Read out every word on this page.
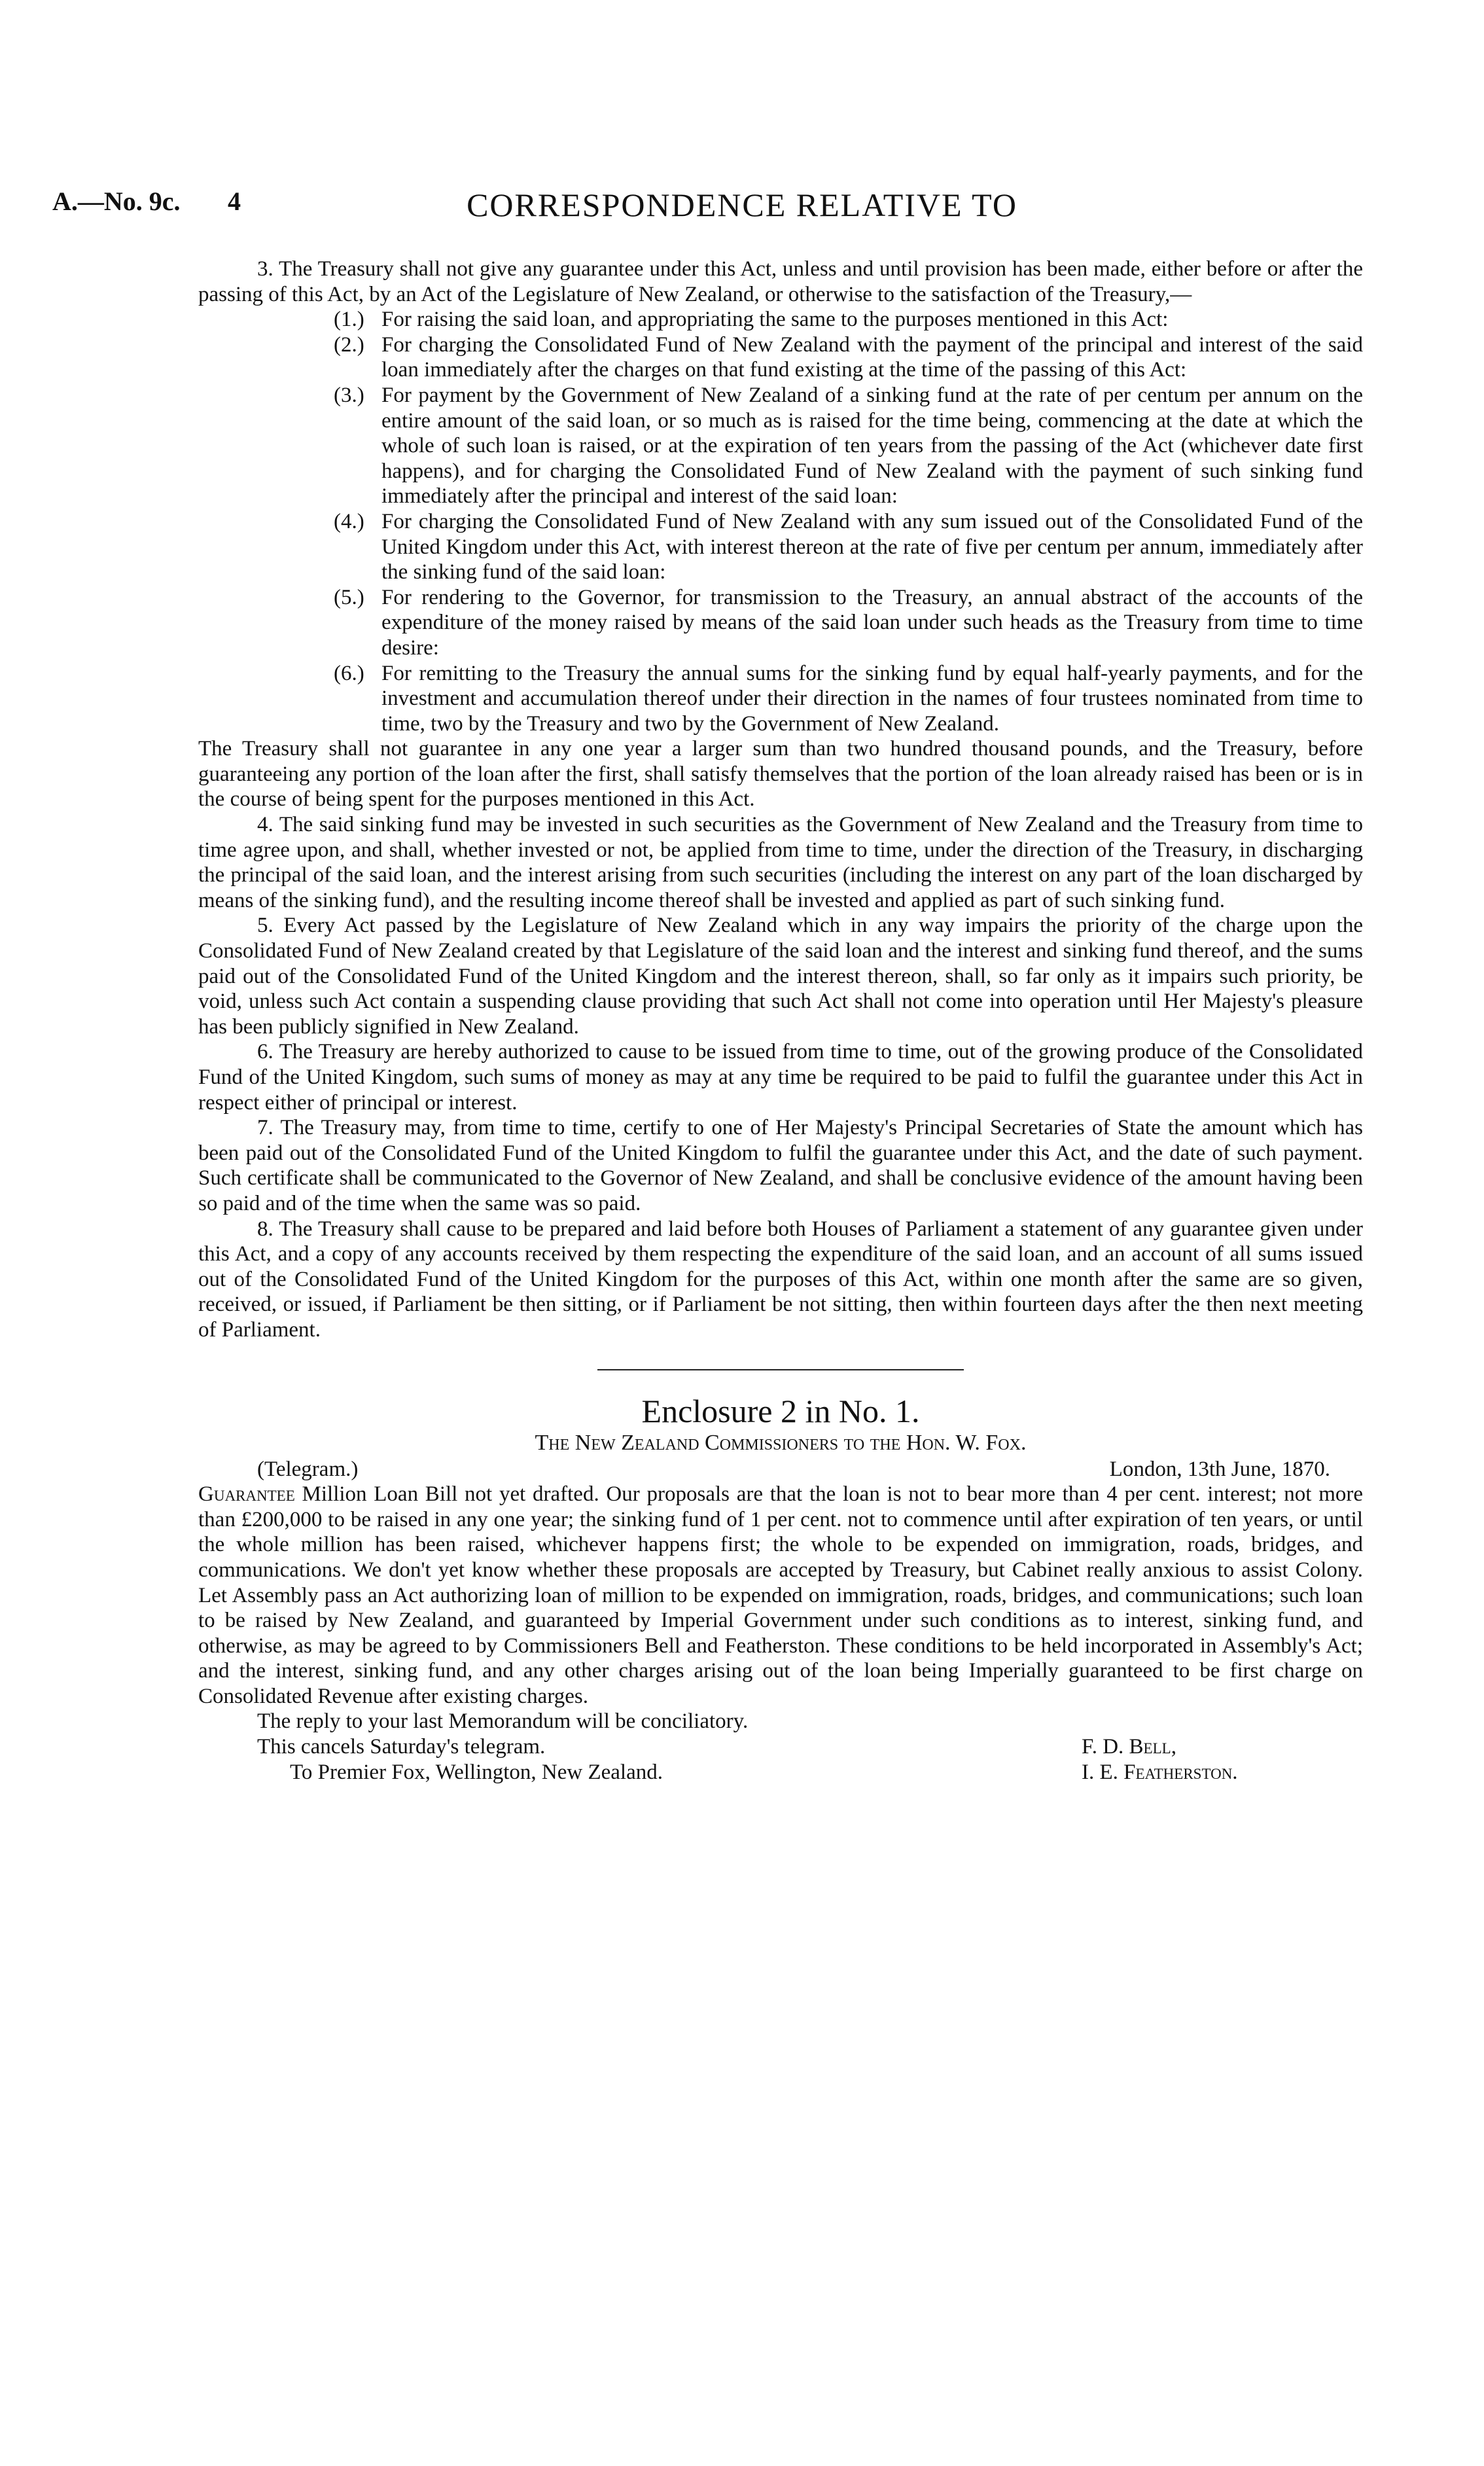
A.—No. 9c. 4	CORRESPONDENCE RELATIVE TO

3. The Treasury shall not give any guarantee under this Act, unless and until provision has been made, either before or after the passing of this Act, by an Act of the Legislature of New Zealand, or otherwise to the satisfaction of the Treasury,—

(1.) For raising the said loan, and appropriating the same to the purposes mentioned in this Act:
(2.) For charging the Consolidated Fund of New Zealand with the payment of the principal and interest of the said loan immediately after the charges on that fund existing at the time of the passing of this Act:
(3.) For payment by the Government of New Zealand of a sinking fund at the rate of per centum per annum on the entire amount of the said loan, or so much as is raised for the time being, commencing at the date at which the whole of such loan is raised, or at the expiration of ten years from the passing of the Act (whichever date first happens), and for charging the Consolidated Fund of New Zealand with the payment of such sinking fund immediately after the principal and interest of the said loan:
(4.) For charging the Consolidated Fund of New Zealand with any sum issued out of the Consolidated Fund of the United Kingdom under this Act, with interest thereon at the rate of five per centum per annum, immediately after the sinking fund of the said loan:
(5.) For rendering to the Governor, for transmission to the Treasury, an annual abstract of the accounts of the expenditure of the money raised by means of the said loan under such heads as the Treasury from time to time desire:
(6.) For remitting to the Treasury the annual sums for the sinking fund by equal half-yearly payments, and for the investment and accumulation thereof under their direction in the names of four trustees nominated from time to time, two by the Treasury and two by the Government of New Zealand.

The Treasury shall not guarantee in any one year a larger sum than two hundred thousand pounds, and the Treasury, before guaranteeing any portion of the loan after the first, shall satisfy themselves that the portion of the loan already raised has been or is in the course of being spent for the purposes mentioned in this Act.

4. The said sinking fund may be invested in such securities as the Government of New Zealand and the Treasury from time to time agree upon, and shall, whether invested or not, be applied from time to time, under the direction of the Treasury, in discharging the principal of the said loan, and the interest arising from such securities (including the interest on any part of the loan discharged by means of the sinking fund), and the resulting income thereof shall be invested and applied as part of such sinking fund.

5. Every Act passed by the Legislature of New Zealand which in any way impairs the priority of the charge upon the Consolidated Fund of New Zealand created by that Legislature of the said loan and the interest and sinking fund thereof, and the sums paid out of the Consolidated Fund of the United Kingdom and the interest thereon, shall, so far only as it impairs such priority, be void, unless such Act contain a suspending clause providing that such Act shall not come into operation until Her Majesty's pleasure has been publicly signified in New Zealand.

6. The Treasury are hereby authorized to cause to be issued from time to time, out of the growing produce of the Consolidated Fund of the United Kingdom, such sums of money as may at any time be required to be paid to fulfil the guarantee under this Act in respect either of principal or interest.

7. The Treasury may, from time to time, certify to one of Her Majesty's Principal Secretaries of State the amount which has been paid out of the Consolidated Fund of the United Kingdom to fulfil the guarantee under this Act, and the date of such payment. Such certificate shall be communicated to the Governor of New Zealand, and shall be conclusive evidence of the amount having been so paid and of the time when the same was so paid.

8. The Treasury shall cause to be prepared and laid before both Houses of Parliament a statement of any guarantee given under this Act, and a copy of any accounts received by them respecting the expenditure of the said loan, and an account of all sums issued out of the Consolidated Fund of the United Kingdom for the purposes of this Act, within one month after the same are so given, received, or issued, if Parliament be then sitting, or if Parliament be not sitting, then within fourteen days after the then next meeting of Parliament.

Enclosure 2 in No. 1.
The New Zealand Commissioners to the Hon. W. Fox.
(Telegram.)	London, 13th June, 1870.

Guarantee Million Loan Bill not yet drafted. Our proposals are that the loan is not to bear more than 4 per cent. interest; not more than £200,000 to be raised in any one year; the sinking fund of 1 per cent. not to commence until after expiration of ten years, or until the whole million has been raised, whichever happens first; the whole to be expended on immigration, roads, bridges, and communications. We don't yet know whether these proposals are accepted by Treasury, but Cabinet really anxious to assist Colony. Let Assembly pass an Act authorizing loan of million to be expended on immigration, roads, bridges, and communications; such loan to be raised by New Zealand, and guaranteed by Imperial Government under such conditions as to interest, sinking fund, and otherwise, as may be agreed to by Commissioners Bell and Featherston. These conditions to be held incorporated in Assembly's Act; and the interest, sinking fund, and any other charges arising out of the loan being Imperially guaranteed to be first charge on Consolidated Revenue after existing charges.

The reply to your last Memorandum will be conciliatory.

This cancels Saturday's telegram.	F. D. Bell,
To Premier Fox, Wellington, New Zealand.	I. E. Featherston.
